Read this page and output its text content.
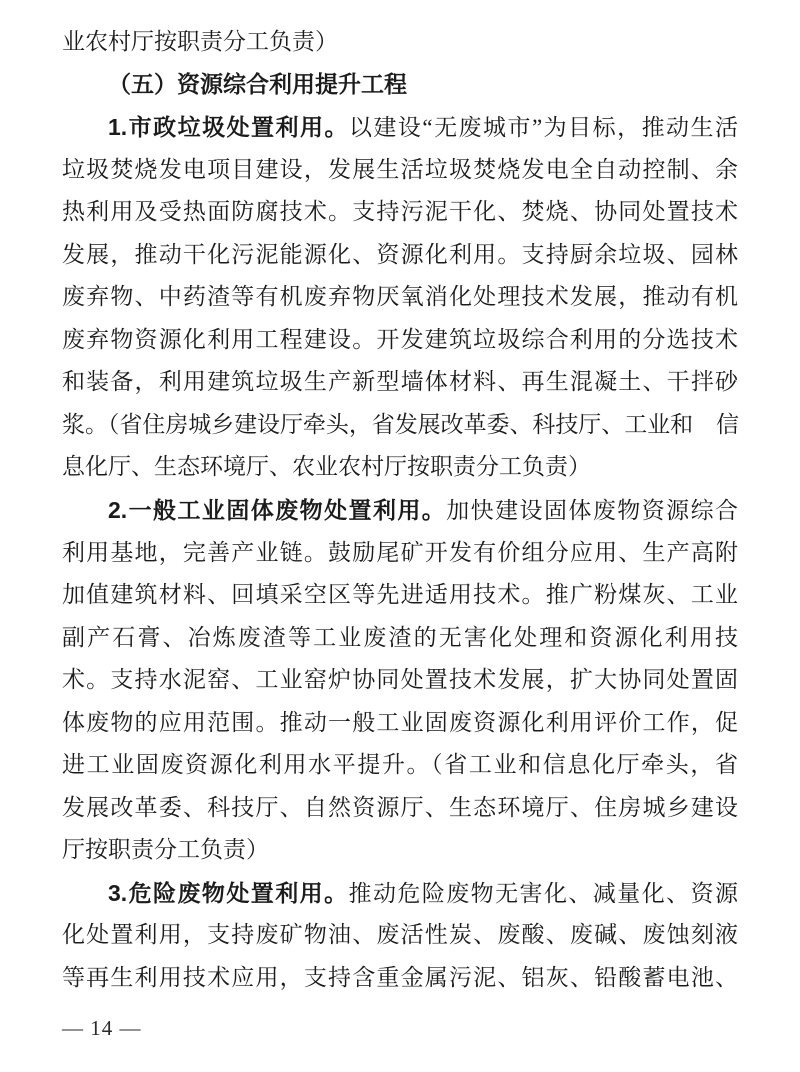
业农村厅按职责分工负责）
（五）资源综合利用提升工程
1.市政垃圾处置利用。以建设“无废城市”为目标，推动生活
垃圾焚烧发电项目建设，发展生活垃圾焚烧发电全自动控制、余
热利用及受热面防腐技术。支持污泥干化、焚烧、协同处置技术
发展，推动干化污泥能源化、资源化利用。支持厨余垃圾、园林
废弃物、中药渣等有机废弃物厌氧消化处理技术发展，推动有机
废弃物资源化利用工程建设。开发建筑垃圾综合利用的分选技术
和装备，利用建筑垃圾生产新型墙体材料、再生混凝土、干拌砂
浆。（省住房城乡建设厅牵头，省发展改革委、科技厅、工业和　信
息化厅、生态环境厅、农业农村厅按职责分工负责）
2.一般工业固体废物处置利用。加快建设固体废物资源综合
利用基地，完善产业链。鼓励尾矿开发有价组分应用、生产高附
加值建筑材料、回填采空区等先进适用技术。推广粉煤灰、工业
副产石膏、冶炼废渣等工业废渣的无害化处理和资源化利用技
术。支持水泥窑、工业窑炉协同处置技术发展，扩大协同处置固
体废物的应用范围。推动一般工业固废资源化利用评价工作，促
进工业固废资源化利用水平提升。（省工业和信息化厅牵头，省
发展改革委、科技厅、自然资源厅、生态环境厅、住房城乡建设
厅按职责分工负责）
3.危险废物处置利用。推动危险废物无害化、减量化、资源
化处置利用，支持废矿物油、废活性炭、废酸、废碱、废蚀刻液
等再生利用技术应用，支持含重金属污泥、铝灰、铅酸蓄电池、
— 14 —
